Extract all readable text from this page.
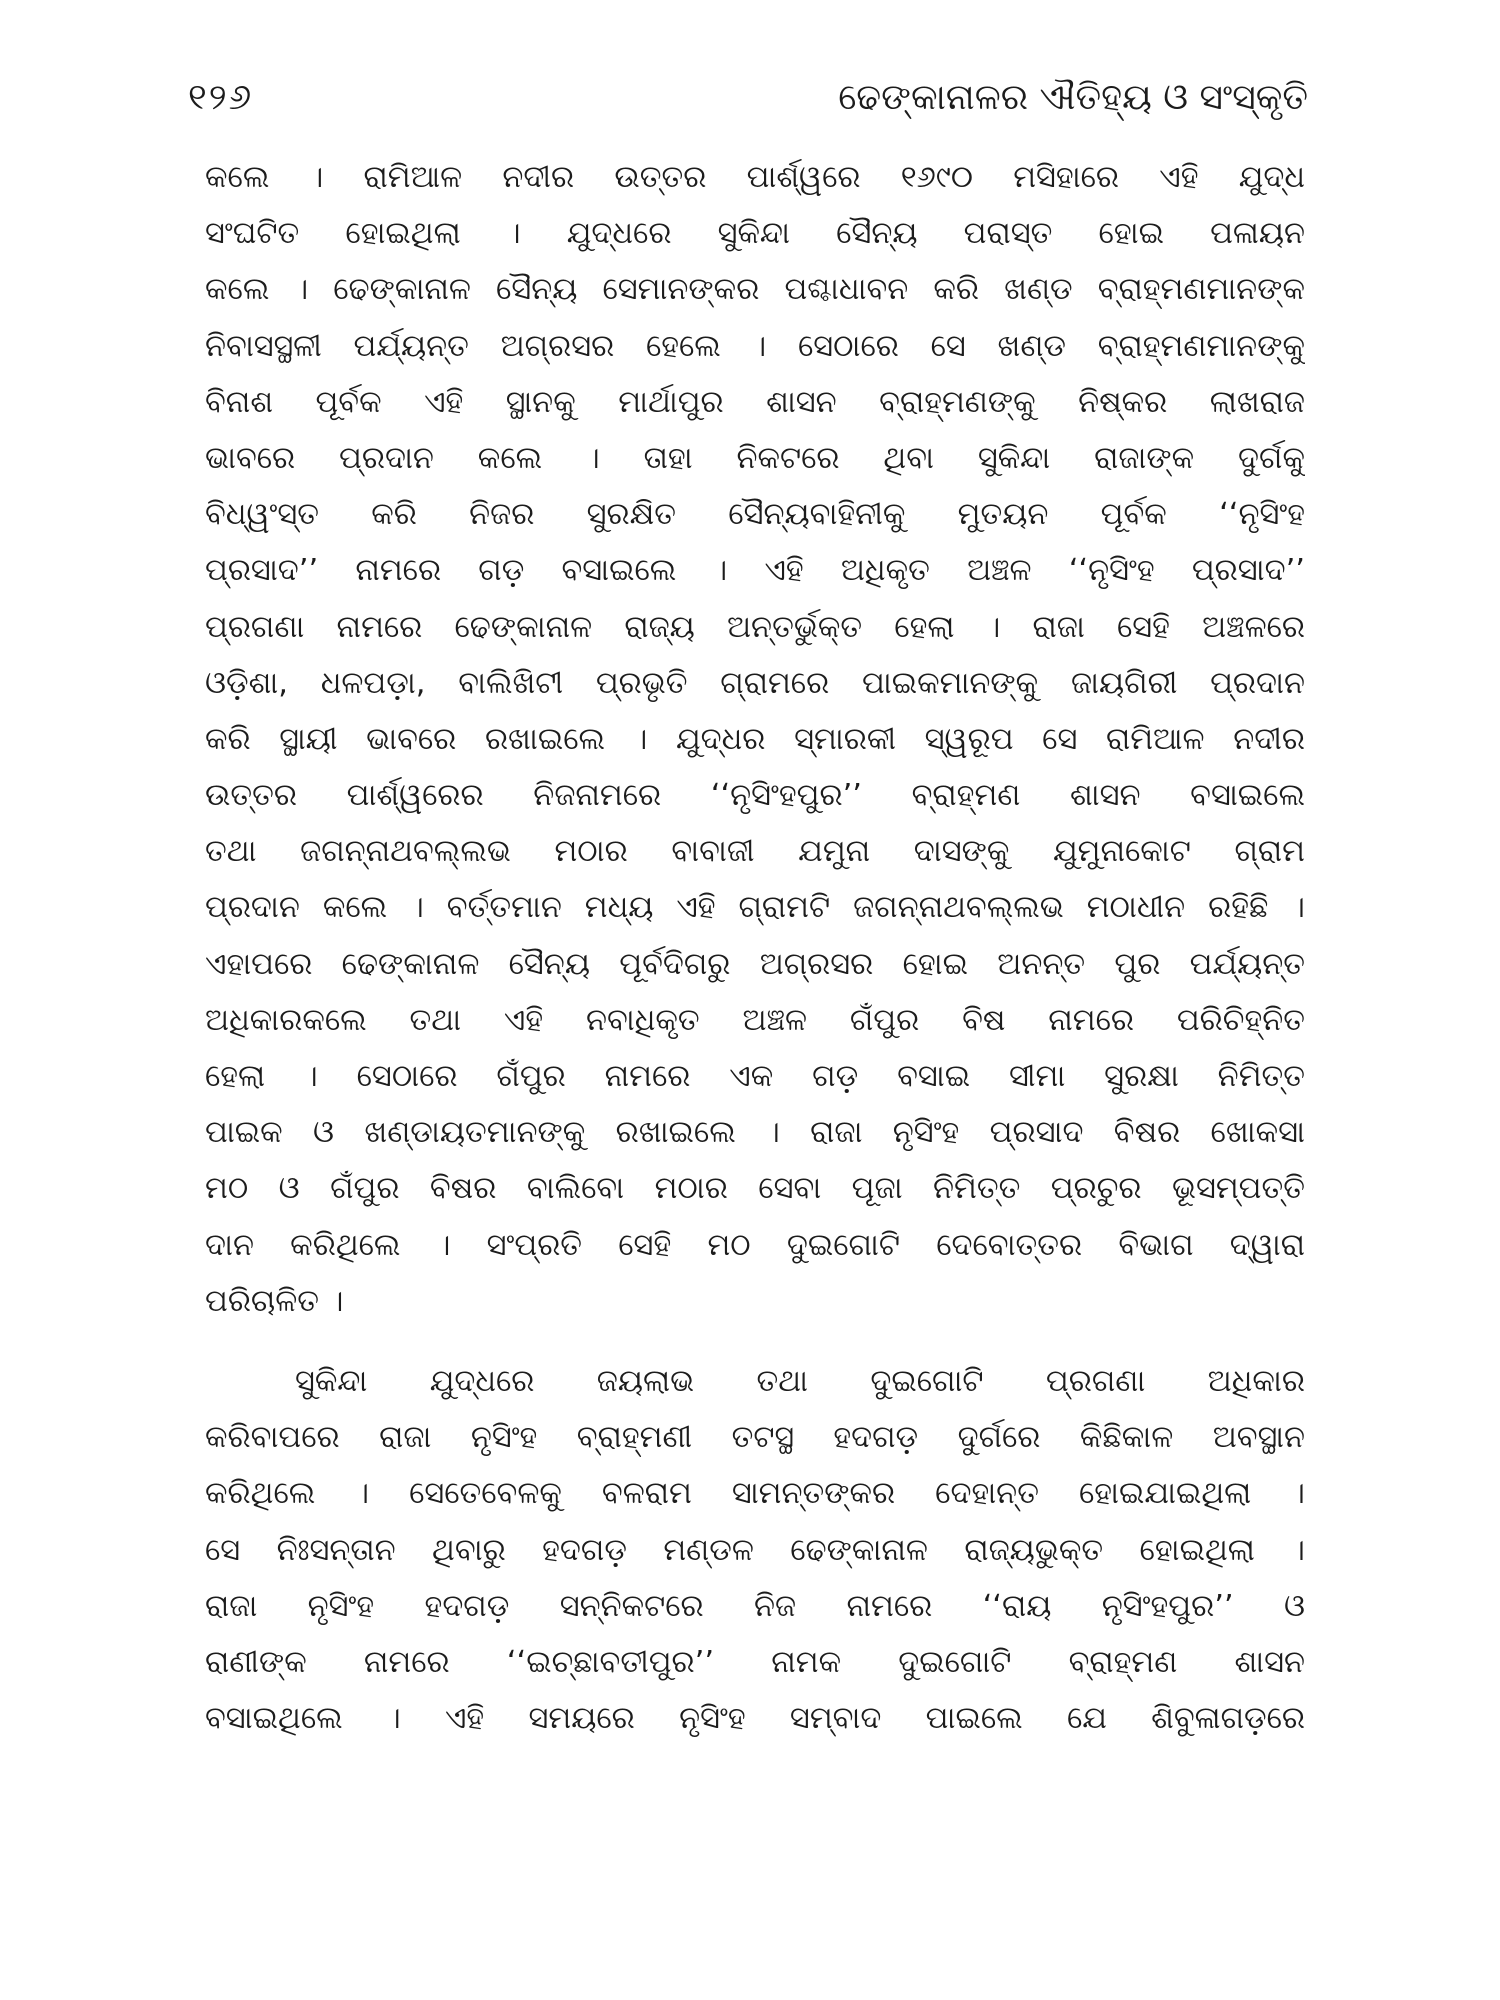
୧୨୬	ଢେଙ୍କାନାଳର ଐତିହ୍ୟ ଓ ସଂସ୍କୃତି
କଲେ । ରାମିଆଳ ନଦୀର ଉତ୍ତର ପାର୍ଶ୍ୱରେ ୧୬୯୦ ମସିହାରେ ଏହି ଯୁଦ୍ଧ
ସଂଘଟିତ ହୋଇଥିଲା । ଯୁଦ୍ଧରେ ସୁକିନ୍ଦା ସୈନ୍ୟ ପରାସ୍ତ ହୋଇ ପଳାୟନ
କଲେ । ଢେଙ୍କାନାଳ ସୈନ୍ୟ ସେମାନଙ୍କର ପଶ୍ଚାଧାବନ କରି ଖଣ୍ଡ ବ୍ରାହ୍ମଣମାନଙ୍କ
ନିବାସସ୍ଥଳୀ ପର୍ଯ୍ୟନ୍ତ ଅଗ୍ରସର ହେଲେ । ସେଠାରେ ସେ ଖଣ୍ଡ ବ୍ରାହ୍ମଣମାନଙ୍କୁ
ବିନାଶ ପୂର୍ବକ ଏହି ସ୍ଥାନକୁ ମାର୍ଥାପୁର ଶାସନ ବ୍ରାହ୍ମଣଙ୍କୁ ନିଷ୍କର ଲାଖରାଜ
ଭାବରେ ପ୍ରଦାନ କଲେ । ତାହା ନିକଟରେ ଥିବା ସୁକିନ୍ଦା ରାଜାଙ୍କ ଦୁର୍ଗକୁ
ବିଧ୍ୱଂସ୍ତ କରି ନିଜର ସୁରକ୍ଷିତ ସୈନ୍ୟବାହିନୀକୁ ମୁତୟନ ପୂର୍ବକ ‘‘ନୃସିଂହ
ପ୍ରସାଦ’’ ନାମରେ ଗଡ଼ ବସାଇଲେ । ଏହି ଅଧିକୃତ ଅଞ୍ଚଳ ‘‘ନୃସିଂହ ପ୍ରସାଦ’’
ପ୍ରଗଣା ନାମରେ ଢେଙ୍କାନାଳ ରାଜ୍ୟ ଅନ୍ତର୍ଭୁକ୍ତ ହେଲା । ରାଜା ସେହି ଅଞ୍ଚଳରେ
ଓଡ଼ିଶା, ଧଳପଡ଼ା, ବାଲିଖିଟୀ ପ୍ରଭୃତି ଗ୍ରାମରେ ପାଇକମାନଙ୍କୁ ଜାୟଗିରୀ ପ୍ରଦାନ
କରି ସ୍ଥାୟୀ ଭାବରେ ରଖାଇଲେ । ଯୁଦ୍ଧର ସ୍ମାରକୀ ସ୍ୱରୂପ ସେ ରାମିଆଳ ନଦୀର
ଉତ୍ତର ପାର୍ଶ୍ୱରେର ନିଜନାମରେ ‘‘ନୃସିଂହପୁର’’ ବ୍ରାହ୍ମଣ ଶାସନ ବସାଇଲେ
ତଥା ଜଗନ୍ନାଥବଲ୍ଲଭ ମଠାର ବାବାଜୀ ଯମୁନା ଦାସଙ୍କୁ ଯୁମୁନାକୋଟ ଗ୍ରାମ
ପ୍ରଦାନ କଲେ । ବର୍ତ୍ତମାନ ମଧ୍ୟ ଏହି ଗ୍ରାମଟି ଜଗନ୍ନାଥବଲ୍ଲଭ ମଠାଧୀନ ରହିଛି ।
ଏହାପରେ ଢେଙ୍କାନାଳ ସୈନ୍ୟ ପୂର୍ବଦିଗରୁ ଅଗ୍ରସର ହୋଇ ଅନନ୍ତ ପୁର ପର୍ଯ୍ୟନ୍ତ
ଅଧିକାରକଲେ ତଥା ଏହି ନବାଧିକୃତ ଅଞ୍ଚଳ ଗଁପୁର ବିଷ ନାମରେ ପରିଚିହ୍ନିତ
ହେଲା । ସେଠାରେ ଗଁପୁର ନାମରେ ଏକ ଗଡ଼ ବସାଇ ସୀମା ସୁରକ୍ଷା ନିମିତ୍ତ
ପାଇକ ଓ ଖଣ୍ଡାୟତମାନଙ୍କୁ ରଖାଇଲେ । ରାଜା ନୃସିଂହ ପ୍ରସାଦ ବିଷର ଖୋକସା
ମଠ ଓ ଗଁପୁର ବିଷର ବାଲିବୋ ମଠାର ସେବା ପୂଜା ନିମିତ୍ତ ପ୍ରଚୁର ଭୂସମ୍ପତ୍ତି
ଦାନ କରିଥିଲେ । ସଂପ୍ରତି ସେହି ମଠ ଦୁଇଗୋଟି ଦେବୋତ୍ତର ବିଭାଗ ଦ୍ୱାରା
ପରିଚାଳିତ ।
ସୁକିନ୍ଦା ଯୁଦ୍ଧରେ ଜୟଲାଭ ତଥା ଦୁଇଗୋଟି ପ୍ରଗଣା ଅଧିକାର
କରିବାପରେ ରାଜା ନୃସିଂହ ବ୍ରାହ୍ମଣୀ ତଟସ୍ଥ ହଦଗଡ଼ ଦୁର୍ଗରେ କିଛିକାଳ ଅବସ୍ଥାନ
କରିଥିଲେ । ସେତେବେଳକୁ ବଳରାମ ସାମନ୍ତଙ୍କର ଦେହାନ୍ତ ହୋଇଯାଇଥିଲା ।
ସେ ନିଃସନ୍ତାନ ଥିବାରୁ ହଦଗଡ଼ ମଣ୍ଡଳ ଢେଙ୍କାନାଳ ରାଜ୍ୟଭୁକ୍ତ ହୋଇଥିଲା ।
ରାଜା ନୃସିଂହ ହଦଗଡ଼ ସନ୍ନିକଟରେ ନିଜ ନାମରେ ‘‘ରାୟ ନୃସିଂହପୁର’’ ଓ
ରାଣୀଙ୍କ ନାମରେ ‘‘ଇଚ୍ଛାବତୀପୁର’’ ନାମକ ଦୁଇଗୋଟି ବ୍ରାହ୍ମଣ ଶାସନ
ବସାଇଥିଲେ । ଏହି ସମୟରେ ନୃସିଂହ ସମ୍ବାଦ ପାଇଲେ ଯେ ଶିବୁଳାଗଡ଼ରେ
